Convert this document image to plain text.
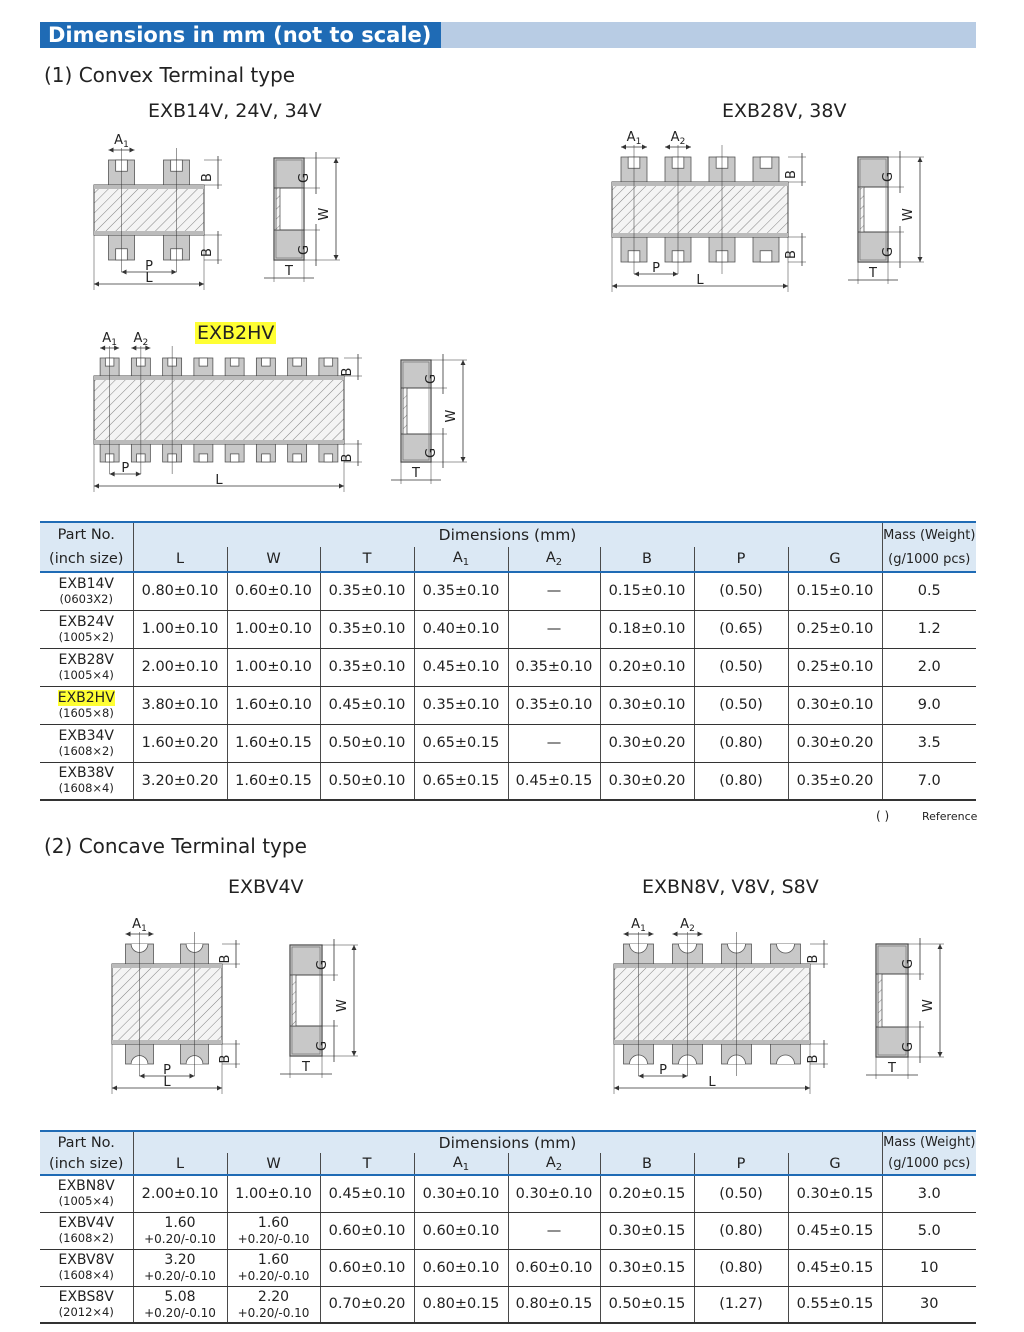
Dimensions in mm (not to scale)
(1) Convex Terminal type
EXB14V, 24V, 34V	EXB28V, 38V
EXB2HV
B
B
P
L
$A_1$
G
G
W
T
B
B
P
L
$A_1$ $A_2$
G
G
W
T
B
B
P
L
$A_1$ $A_2$
G
G
W
T
B
B
P
L
$A_1$
G
G
W
T
B
B
P
L
$A_1$	$A_2$
G
G
W
T
Part No.	Dimensions (mm)								Mass (Weight)
(inch size)	L	W	T	$A_1$	$A_2$	B	P	G	(g/1000 pcs)

EXB14V
(0603X2)	0.80±0.10	0.60±0.10	0.35±0.10	0.35±0.10	—	0.15±0.10	(0.50)	0.15±0.10	0.5

EXB24V
(1005×2)	1.00±0.10	1.00±0.10	0.35±0.10	0.40±0.10	—	0.18±0.10	(0.65)	0.25±0.10	1.2

EXB28V
(1005×4)	2.00±0.10	1.00±0.10	0.35±0.10	0.45±0.10	0.35±0.10	0.20±0.10	(0.50)	0.25±0.10	2.0

EXB2HV
(1605×8)	3.80±0.10	1.60±0.10	0.45±0.10	0.35±0.10	0.35±0.10	0.30±0.10	(0.50)	0.30±0.10	9.0

EXB34V
(1608×2)	1.60±0.20	1.60±0.15	0.50±0.10	0.65±0.15	—	0.30±0.20	(0.80)	0.30±0.20	3.5

EXB38V
(1608×4)	3.20±0.20	1.60±0.15	0.50±0.10	0.65±0.15	0.45±0.15	0.30±0.20	(0.80)	0.35±0.20	7.0
( )	Reference
(2) Concave Terminal type
EXBV4V	EXBN8V, V8V, S8V
Part No.	Dimensions (mm)								Mass (Weight)
(inch size)	L	W	T	$A_1$	$A_2$	B	P	G	(g/1000 pcs)

EXBN8V
(1005×4)	2.00±0.10	1.00±0.10	0.45±0.10	0.30±0.10	0.30±0.10	0.20±0.15	(0.50)	0.30±0.15	3.0

EXBV4V
(1608×2)	1.60
+0.20/-0.10	1.60
+0.20/-0.10	0.60±0.10	0.60±0.10	—	0.30±0.15	(0.80)	0.45±0.15	5.0

EXBV8V
(1608×4)	3.20
+0.20/-0.10	1.60
+0.20/-0.10	0.60±0.10	0.60±0.10	0.60±0.10	0.30±0.15	(0.80)	0.45±0.15	10

EXBS8V
(2012×4)	5.08
+0.20/-0.10	2.20
+0.20/-0.10	0.70±0.20	0.80±0.15	0.80±0.15	0.50±0.15	(1.27)	0.55±0.15	30
